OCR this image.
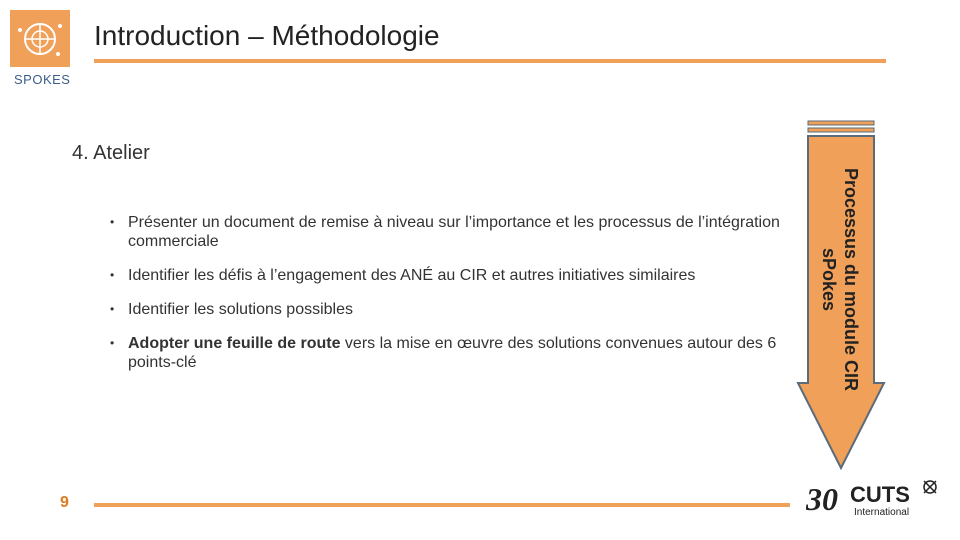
SPOKES
Introduction – Méthodologie
4. Atelier
• Présenter un document de remise à niveau sur l’importance et les processus de l’intégration commerciale
• Identifier les défis à l’engagement des ANÉ au CIR et autres initiatives similaires
• Identifier les solutions possibles
• Adopter une feuille de route vers la mise en œuvre des solutions convenues autour des 6 points-clé	Processus du module CIR
sPokes
9	30 CUTS
International
